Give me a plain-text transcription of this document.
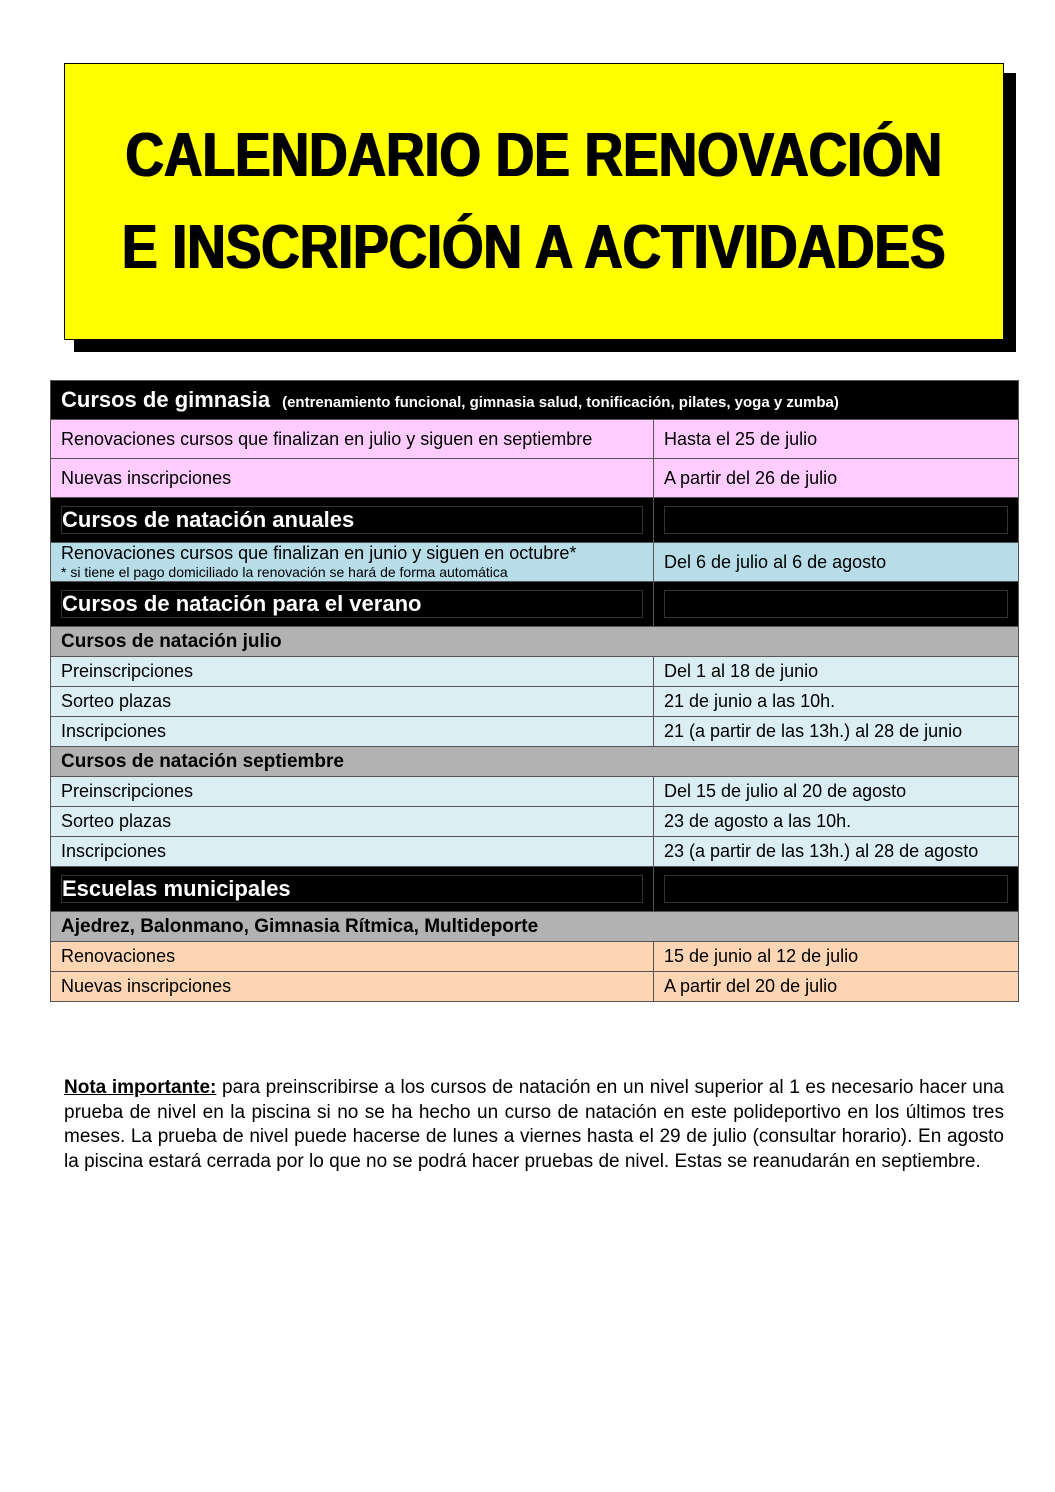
CALENDARIO DE RENOVACIÓN
E INSCRIPCIÓN A ACTIVIDADES
Cursos de gimnasia (entrenamiento funcional, gimnasia salud, tonificación, pilates, yoga y zumba)	
Renovaciones cursos que finalizan en julio y siguen en septiembre	Hasta el 25 de julio
Nuevas inscripciones	A partir del 26 de julio

Cursos de natación anuales	

Renovaciones cursos que finalizan en junio y siguen en octubre*
* si tiene el pago domiciliado la renovación se hará de forma automática	Del 6 de julio al 6 de agosto

Cursos de natación para el verano	

Cursos de natación julio	
Preinscripciones	Del 1 al 18 de junio
Sorteo plazas	21 de junio a las 10h.
Inscripciones	21 (a partir de las 13h.) al 28 de junio
Cursos de natación septiembre	
Preinscripciones	Del 15 de julio al 20 de agosto
Sorteo plazas	23 de agosto a las 10h.
Inscripciones	23 (a partir de las 13h.) al 28 de agosto

Escuelas municipales	

Ajedrez, Balonmano, Gimnasia Rítmica, Multideporte	
Renovaciones	15 de junio al 12 de julio
Nuevas inscripciones	A partir del 20 de julio
Nota importante: para preinscribirse a los cursos de natación en un nivel superior al 1 es necesario hacer una prueba de nivel en la piscina si no se ha hecho un curso de natación en este polideportivo en los últimos tres meses. La prueba de nivel puede hacerse de lunes a viernes hasta el 29 de julio (consultar horario). En agosto la piscina estará cerrada por lo que no se podrá hacer pruebas de nivel. Estas se reanudarán en septiembre.
